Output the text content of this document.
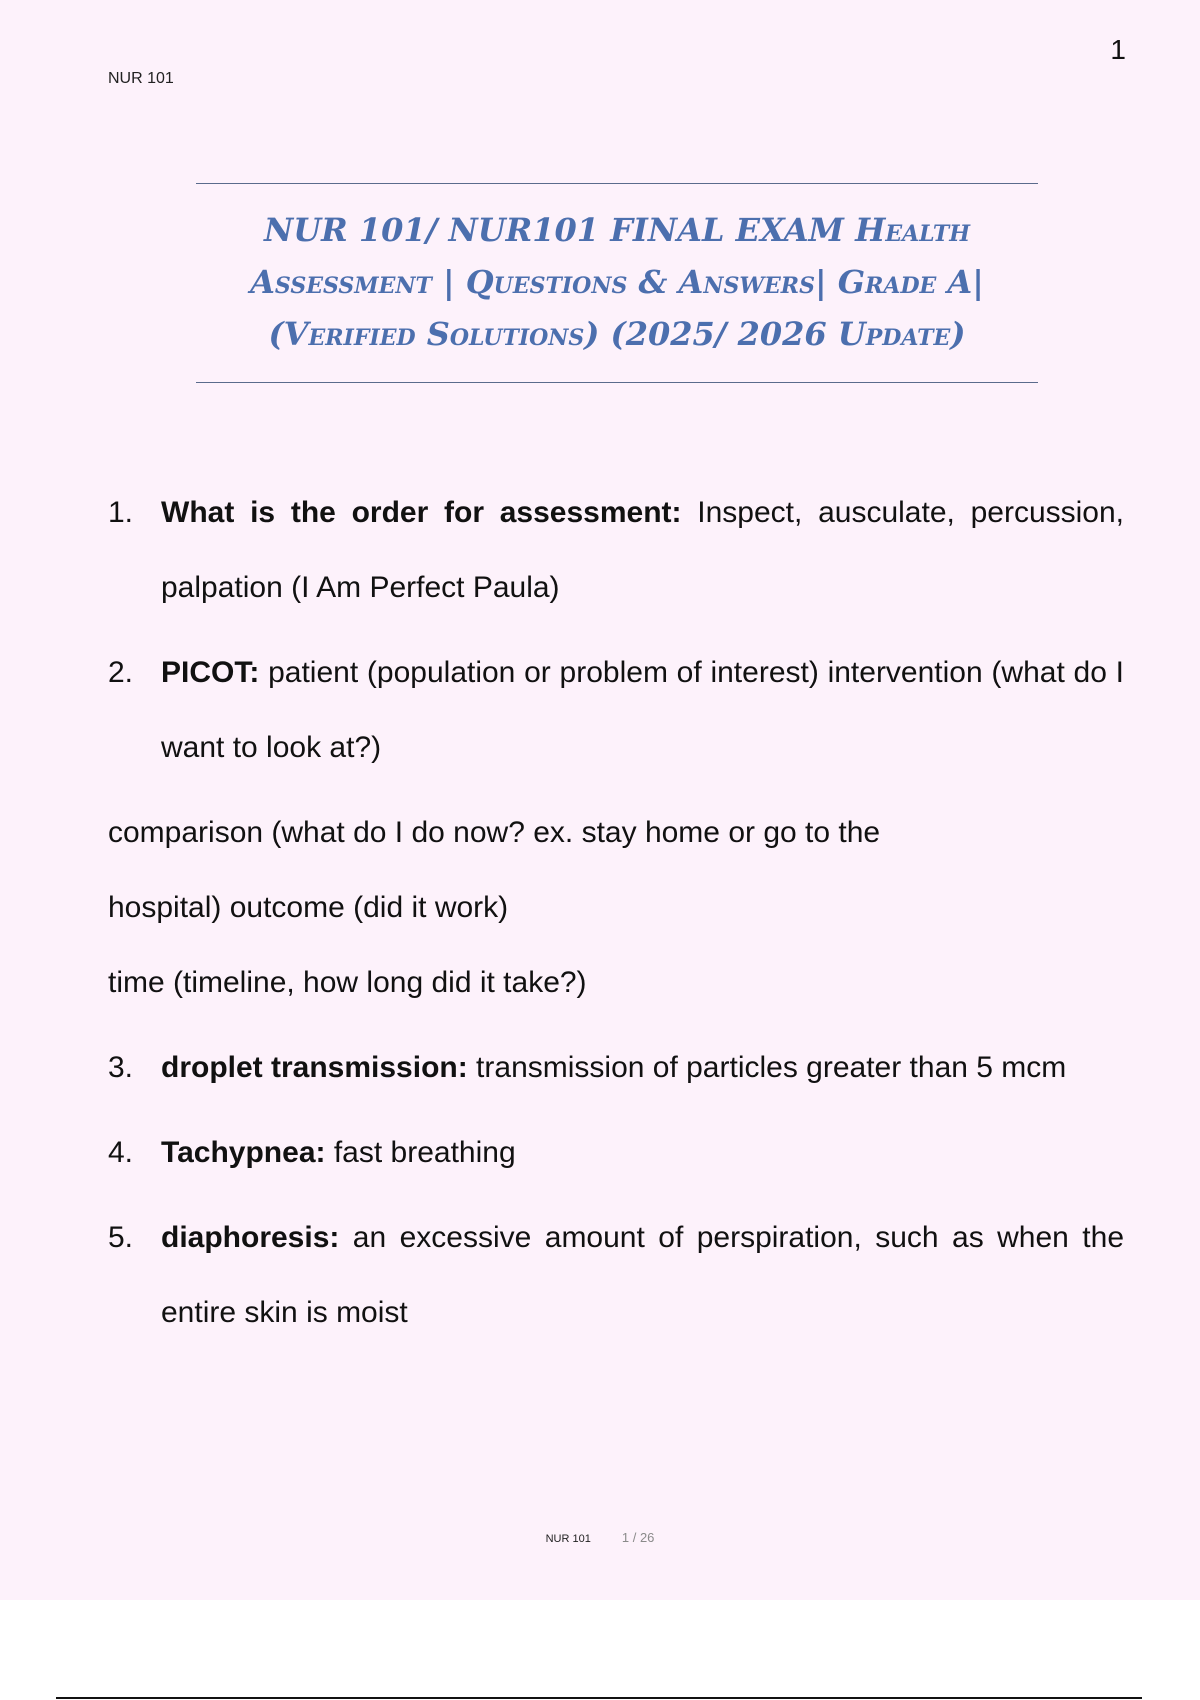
NUR 101
1
NUR 101/ NUR101 FINAL EXAM Health
Assessment | Questions & Answers| Grade A|
(Verified Solutions) (2025/ 2026 Update)
1. What is the order for assessment: Inspect, ausculate, percussion, palpation (I Am Perfect Paula)
2. PICOT: patient (population or problem of interest) intervention (what do I want to look at?)
comparison (what do I do now? ex. stay home or go to the
hospital) outcome (did it work)
time (timeline, how long did it take?)
3. droplet transmission: transmission of particles greater than 5 mcm
4. Tachypnea: fast breathing
5. diaphoresis: an excessive amount of perspiration, such as when the entire skin is moist
NUR 101 1 / 26
